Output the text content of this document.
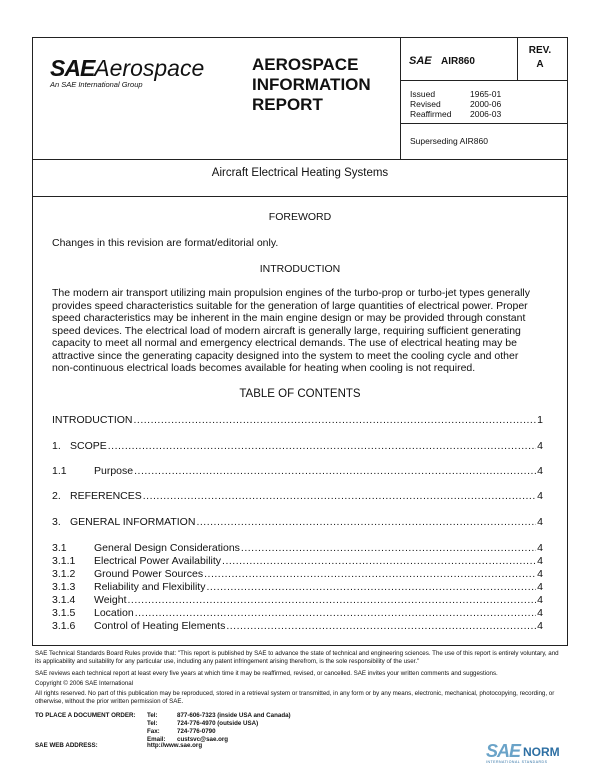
SAEAerospace
An SAE International Group
AEROSPACE
INFORMATION
REPORT
SAE AIR860
REV.
A
Issued	1965-01
Revised	2000-06
Reaffirmed	2006-03
Superseding AIR860
Aircraft Electrical Heating Systems
FOREWORD
Changes in this revision are format/editorial only.
INTRODUCTION
The modern air transport utilizing main propulsion engines of the turbo-prop or turbo-jet types generally provides speed characteristics suitable for the generation of large quantities of electrical power. Proper speed characteristics may be inherent in the main engine design or may be provided through constant speed devices. The electrical load of modern aircraft is generally large, requiring sufficient generating capacity to meet all normal and emergency electrical demands. The use of electrical heating may be attractive since the generating capacity designed into the system to meet the cooling cycle and other non-continuous electrical loads becomes available for heating when cooling is not required.
TABLE OF CONTENTS
INTRODUCTION .....	1
1. SCOPE .....	4
1.1	Purpose .....	4
2. REFERENCES .....	4
3. GENERAL INFORMATION .....	4
3.1	General Design Considerations .....	4
3.1.1	Electrical Power Availability .....	4
3.1.2	Ground Power Sources .....	4
3.1.3	Reliability and Flexibility .....	4
3.1.4	Weight .....	4
3.1.5	Location .....	4
3.1.6	Control of Heating Elements .....	4
SAE Technical Standards Board Rules provide that: "This report is published by SAE to advance the state of technical and engineering sciences. The use of this report is entirely voluntary, and its applicability and suitability for any particular use, including any patent infringement arising therefrom, is the sole responsibility of the user."
SAE reviews each technical report at least every five years at which time it may be reaffirmed, revised, or cancelled. SAE invites your written comments and suggestions.
Copyright © 2006 SAE International
All rights reserved. No part of this publication may be reproduced, stored in a retrieval system or transmitted, in any form or by any means, electronic, mechanical, photocopying, recording, or otherwise, without the prior written permission of SAE.
TO PLACE A DOCUMENT ORDER:	Tel:	877-606-7323 (inside USA and Canada)
Tel:	724-776-4970 (outside USA)
Fax:	724-776-0790
Email:	custsvc@sae.org
SAE WEB ADDRESS:	http://www.sae.org	SAE NORM
INTERNATIONAL STANDARDS
